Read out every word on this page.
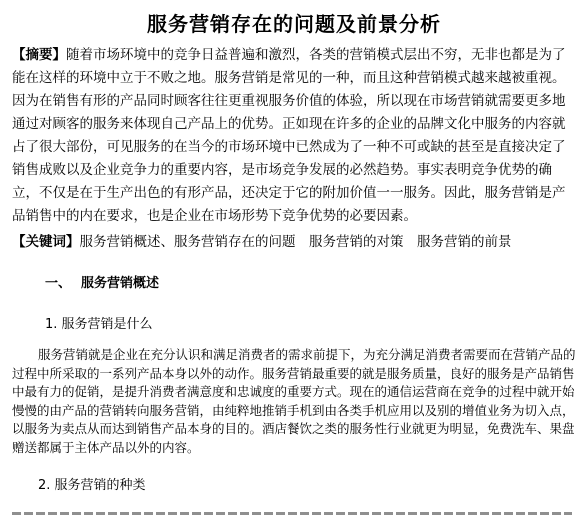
服务营销存在的问题及前景分析
【摘要】随着市场环境中的竞争日益普遍和激烈，各类的营销模式层出不穷，无非也都是为了能在这样的环境中立于不败之地。服务营销是常见的一种，而且这种营销模式越来越被重视。因为在销售有形的产品同时顾客往往更重视服务价值的体验，所以现在市场营销就需要更多地通过对顾客的服务来体现自己产品上的优势。正如现在许多的企业的品牌文化中服务的内容就占了很大部份，可见服务的在当今的市场环境中已然成为了一种不可或缺的甚至是直接决定了销售成败以及企业竞争力的重要内容，是市场竞争发展的必然趋势。事实表明竞争优势的确立，不仅是在于生产出色的有形产品，还决定于它的附加价值一一服务。因此，服务营销是产品销售中的内在要求，也是企业在市场形势下竞争优势的必要因素。
【关键词】服务营销概述、服务营销存在的问题　服务营销的对策　服务营销的前景
一、 服务营销概述
1. 服务营销是什么
服务营销就是企业在充分认识和满足消费者的需求前提下，为充分满足消费者需要而在营销产品的过程中所采取的一系列产品本身以外的动作。服务营销最重要的就是服务质量，良好的服务是产品销售中最有力的促销，是提升消费者满意度和忠诚度的重要方式。现在的通信运营商在竞争的过程中就开始慢慢的由产品的营销转向服务营销，由纯粹地推销手机到由各类手机应用以及别的增值业务为切入点，以服务为卖点从而达到销售产品本身的目的。酒店餐饮之类的服务性行业就更为明显，免费洗车、果盘赠送都属于主体产品以外的内容。
2. 服务营销的种类
